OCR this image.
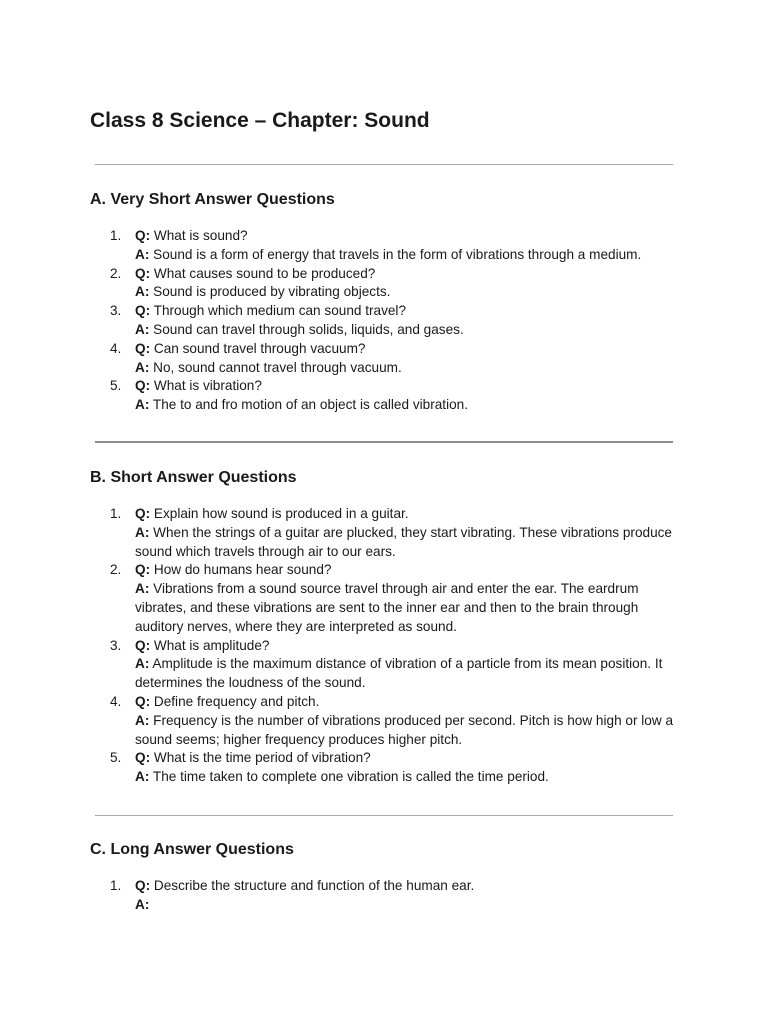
Class 8 Science – Chapter: Sound
A. Very Short Answer Questions
1. Q: What is sound?
A: Sound is a form of energy that travels in the form of vibrations through a medium.
2. Q: What causes sound to be produced?
A: Sound is produced by vibrating objects.
3. Q: Through which medium can sound travel?
A: Sound can travel through solids, liquids, and gases.
4. Q: Can sound travel through vacuum?
A: No, sound cannot travel through vacuum.
5. Q: What is vibration?
A: The to and fro motion of an object is called vibration.
B. Short Answer Questions
1. Q: Explain how sound is produced in a guitar.
A: When the strings of a guitar are plucked, they start vibrating. These vibrations produce sound which travels through air to our ears.
2. Q: How do humans hear sound?
A: Vibrations from a sound source travel through air and enter the ear. The eardrum vibrates, and these vibrations are sent to the inner ear and then to the brain through auditory nerves, where they are interpreted as sound.
3. Q: What is amplitude?
A: Amplitude is the maximum distance of vibration of a particle from its mean position. It determines the loudness of the sound.
4. Q: Define frequency and pitch.
A: Frequency is the number of vibrations produced per second. Pitch is how high or low a sound seems; higher frequency produces higher pitch.
5. Q: What is the time period of vibration?
A: The time taken to complete one vibration is called the time period.
C. Long Answer Questions
1. Q: Describe the structure and function of the human ear.
A:
